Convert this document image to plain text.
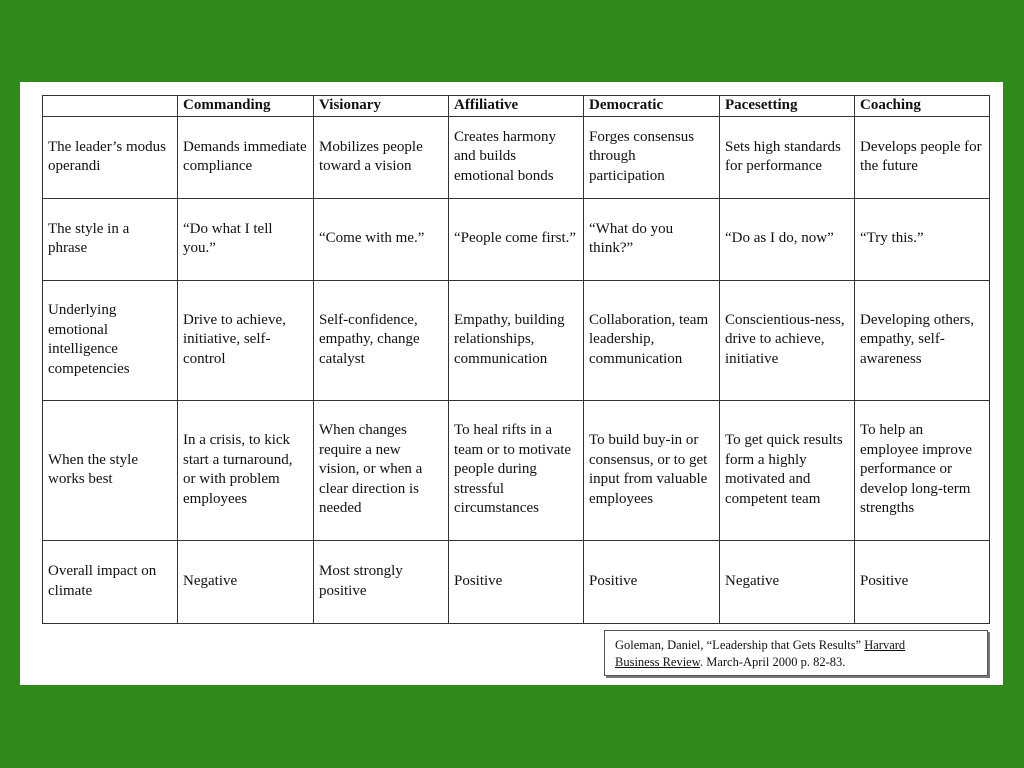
	Commanding	Visionary	Affiliative	Democratic	Pacesetting	Coaching
The leader’s modus operandi	Demands immediate compliance	Mobilizes people toward a vision	Creates harmony and builds emotional bonds	Forges consensus through participation	Sets high standards for performance	Develops people for the future
The style in a phrase	“Do what I tell you.”	“Come with me.”	“People come first.”	“What do you think?”	“Do as I do, now”	“Try this.”
Underlying emotional intelligence competencies	Drive to achieve, initiative, self-control	Self-confidence, empathy, change catalyst	Empathy, building relationships, communication	Collaboration, team leadership, communication	Conscientious-ness, drive to achieve, initiative	Developing others, empathy, self-awareness
When the style works best	In a crisis, to kick start a turnaround, or with problem employees	When changes require a new vision, or when a clear direction is needed	To heal rifts in a team or to motivate people during stressful circumstances	To build buy-in or consensus, or to get input from valuable employees	To get quick results form a highly motivated and competent team	To help an employee improve performance or develop long-term strengths
Overall impact on climate	Negative	Most strongly positive	Positive	Positive	Negative	Positive
Goleman, Daniel, “Leadership that Gets Results” Harvard
Business Review. March-April 2000 p. 82-83.
